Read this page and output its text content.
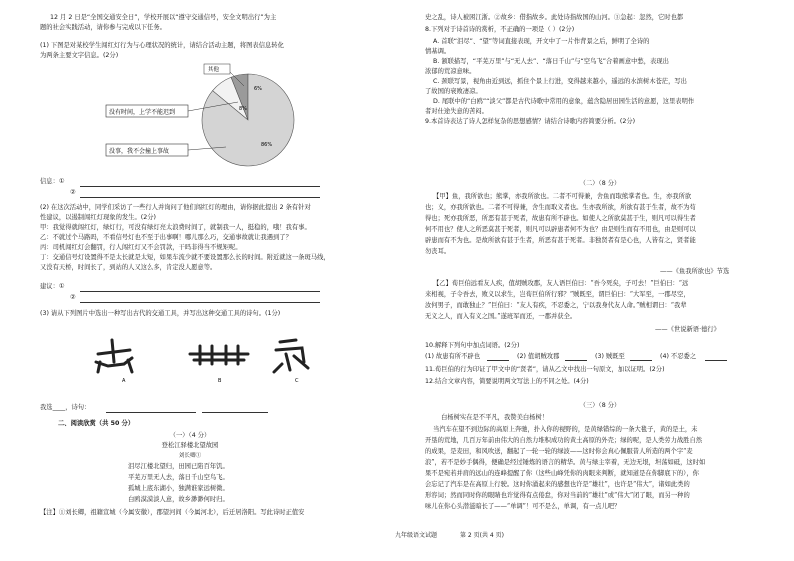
12 月 2 日是“全国交通安全日”，学校开展以“遵守交通信号，安全文明出行”为主
题的社会实践活动，请你参与完成以下任务。
(1) 下图是对某校学生闯红灯行为与心理状况的统计，请结合活动主题，将图表信息转化
为两条主要文字信息。(2分)
没有时间，上学不能迟到
没事，我不会撞上事故
其他
8%
6%
86%
信息：①
②
(2) 在这次活动中，同学们采访了一些行人并询问了他们闯红灯的理由，请你据此提出 2 条有针对
性建议，以遏制闯红灯现象的发生。(2分)
甲：我觉得就闯红灯，绿灯行，可没有绿灯亮太浪费时间了，就制我一人，挺稳的，哦！我有事。
乙：不就过个马路吗，不看信号灯也不至于出事啊！哪儿那么巧，交通事故就让我遇到了？
丙：司机闯红灯会翻罚，行人闯红灯又不会罚款，干吗非得当不规矩呢。
丁：交通信号灯设置得不是太长就是太短，如果车流少就不要设置那么长的时间。附近就这一条斑马线，
又没有天桥，时间长了，到站的人又这么多，肯定没人愿意等。
建议：①
②
(3) 请从下列图片中选出一种写出古代的交通工具，并写出这种交通工具的诗句。(1分)
A	B	C
我选____，诗句：
二、阅读欣赏（共 50 分）
（一）（4 分）
登松江驿楼北望故园
刘长卿①
泪尽江楼北望归，田园已陷百年饥。
平芜万里无人去，落日千山空鸟飞。
孤城上底东湖小，独满谁家远树微。
白鸥漠漠淡人意，故乡渺渺何时归。
【注】①刘长卿，祖籍宣城（今属安徽），郡望河间（今属河北），后迁居洛阳。写此诗时正值安
史之乱，诗人被困江浙。②故乡：借指故乡。此处诗指故国的山河。③急起：忽然，它时也都
8.下列对于诗首诗的赏析，不正确的一项是（ ）(2分)
A. 首联“泪尽”、“望”等词直接表现，开文中了一片作背景之后，鲜明了全诗的
情基调。
B. 颔联描写，“平芜万里”与“无人去”、“落日千山”与“空鸟飞”合着画意中愁，表现出
浓郁的荒凉意味。
C. 颈联写景，视角由近到远，抓住个景上行进，变得越来越小，遥远的水滨树木苍茫，写出
了故国的衰败凄凉。
D. 尾联中的“白鸥”“淡父”都是古代诗歌中常用的意象，蕴含隐居田园生活的意愿，这里表明作
者对仕途失意的苦闷。
9.本首诗表达了诗人怎样复杂的思想感情？请结合诗歌内容简要分析。(2分)
（二）（8 分）
【甲】鱼，我所欲也；熊掌，亦我所欲也。二者不可得兼，舍鱼而取熊掌者也。生，亦我所欲
也；义，亦我所欲也。二者不可得兼，舍生而取义者也。生亦我所欲，所欲有甚于生者，故不为苟
得也；死亦我所恶，所恶有甚于死者，故患有所不辟也。如使人之所欲莫甚于生，则凡可以得生者
何不用也？使人之所恶莫甚于死者，则凡可以辟患者何不为也？由是则生而有不用也，由是则可以
辟患而有不为也。是故所欲有甚于生者，所恶有甚于死者。非独贤者有是心也，人皆有之，贤者能
勿丧耳。
——《鱼我所欲也》节选
【乙】荀巨伯远看友人疾，值胡贼攻郡，友人语巨伯曰：“吾今死矣，子可去！”巨伯曰：“远
来相视，子令吾去，败义以求生，岂荀巨伯所行邪？”贼既至，谓巨伯曰：“大军至，一郡尽空，
汝何男子，而敢独止？”巨伯曰：“友人有疾，不忍委之，宁以我身代友人命。”贼相谓曰：“我辈
无义之人，而入有义之国。”遂班军而还，一郡并获全。
——《世说新语·德行》
10.解释下列句中加点词语。(2分)
(1) 故患有所不辟也	(2) 值胡贼攻郡	(3) 贼既至	(4) 不忍委之
11.荀巨伯的行为印证了甲文中的“贤者”，请从乙文中找出一句原文，加以证明。(2分)
12.结合文章内容，简要说明两文写法上的不同之处。(4分)
（三）（8 分）
白杨树实在是不平凡，我赞美白杨树！
当汽车在望不到边际的高原上奔驰，扑入你的视野的，是黄绿错综的一条大毯子，黄的是土，未
开垦的荒地，几百万年前由伟大的自然力堆积成功的黄土高原的外壳；绿的呢，是人类劳力战胜自然
的成果，是麦田，和风吹送，翻起了一轮一轮的绿波——这时你会真心佩服昔人所造的两个字“麦
浪”，若不是妙手偶得，便确是经过锤炼的语言的精华。黄与绿主宰着，无边无垠，坦荡如砥，这时如
果不是宛若并肩的远山的连峰提醒了你（这些山峰凭你的肉眼来判断，就知道是在你脚底下的），你
会忘记了汽车是在高原上行驶。这时你涌起来的感想也许是“雄壮”，也许是“伟大”，诸如此类的
形容词；然而同时你的眼睛也许觉得有点倦怠，你对当前的“雄壮”或“伟大”闭了眼，而另一种的
味儿在你心头潜滋暗长了——“单调”！可不是么，单调，有一点儿吧？
九年级语文试题	第 2 页(共 4 页)
